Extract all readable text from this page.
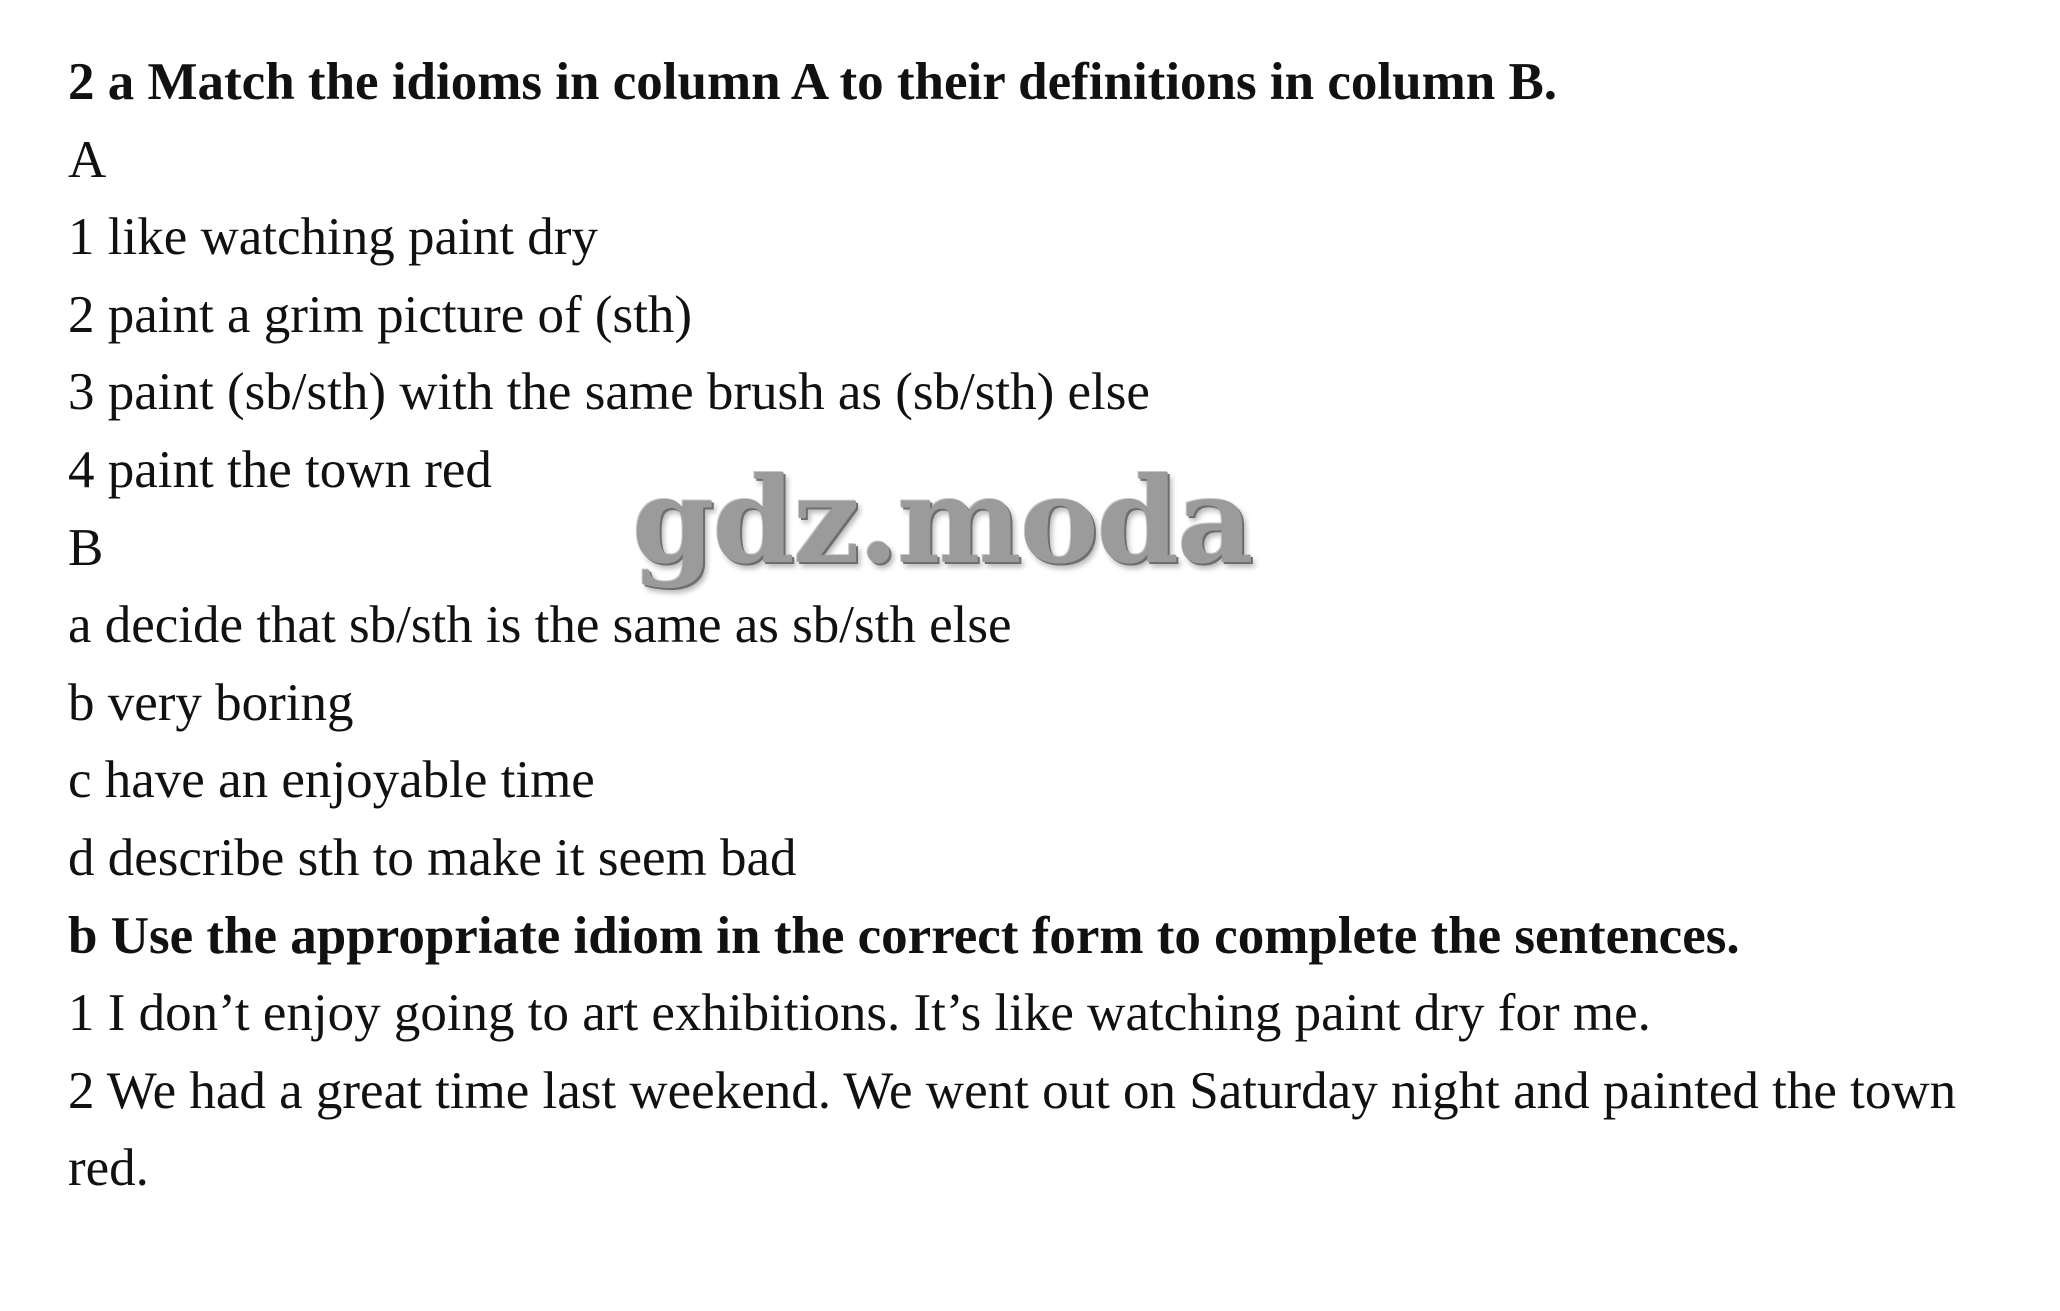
2 a Match the idioms in column A to their definitions in column B.

A

1 like watching paint dry

2 paint a grim picture of (sth)

3 paint (sb/sth) with the same brush as (sb/sth) else

4 paint the town red

B

a decide that sb/sth is the same as sb/sth else

b very boring

c have an enjoyable time

d describe sth to make it seem bad

b Use the appropriate idiom in the correct form to complete the sentences.

1 I don’t enjoy going to art exhibitions. It’s like watching paint dry for me.

2 We had a great time last weekend. We went out on Saturday night and painted the town red.

gdz.moda
